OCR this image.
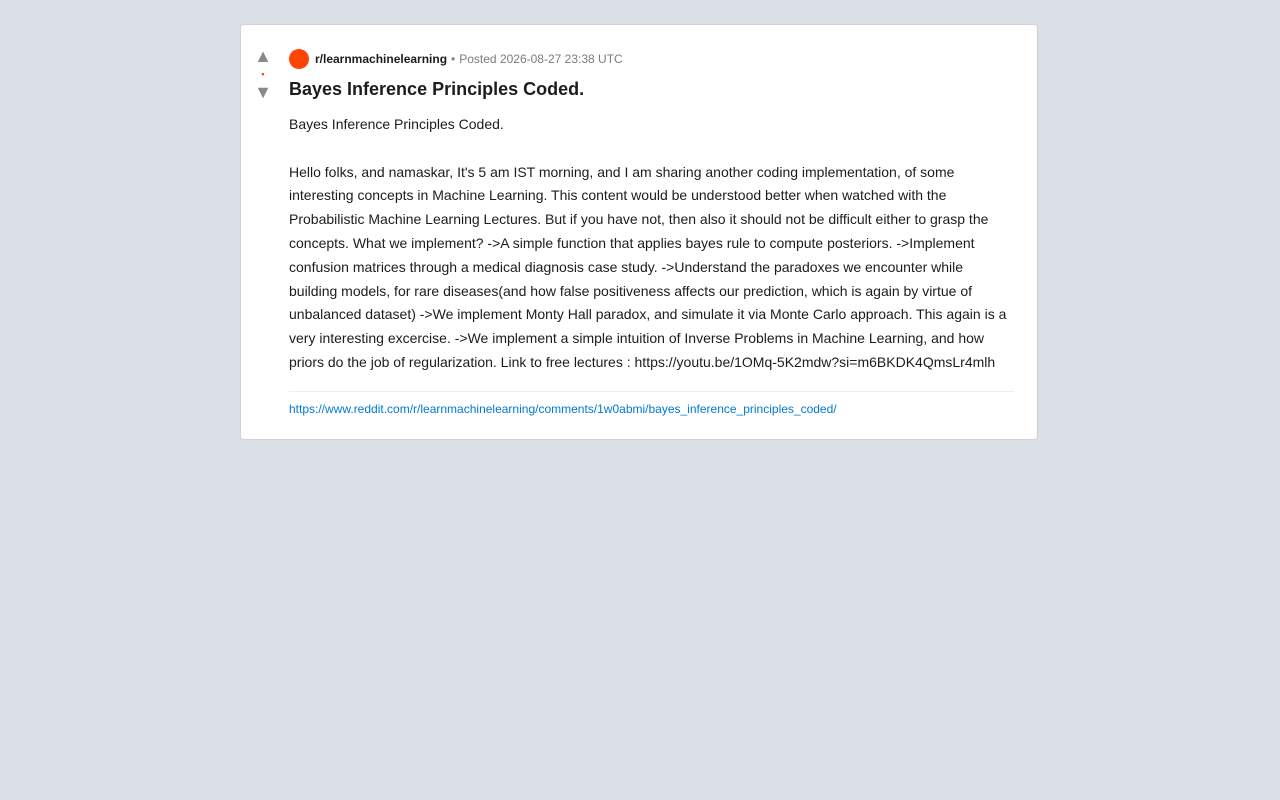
▲
•
▼
r/learnmachinelearning • Posted 2026-08-27 23:38 UTC
Bayes Inference Principles Coded.

Bayes Inference Principles Coded.

Hello folks, and namaskar, It's 5 am IST morning, and I am sharing another coding implementation, of some interesting concepts in Machine Learning. This content would be understood better when watched with the Probabilistic Machine Learning Lectures. But if you have not, then also it should not be difficult either to grasp the concepts. What we implement? ->A simple function that applies bayes rule to compute posteriors. ->Implement confusion matrices through a medical diagnosis case study. ->Understand the paradoxes we encounter while building models, for rare diseases(and how false positiveness affects our prediction, which is again by virtue of unbalanced dataset) ->We implement Monty Hall paradox, and simulate it via Monte Carlo approach. This again is a very interesting excercise. ->We implement a simple intuition of Inverse Problems in Machine Learning, and how priors do the job of regularization. Link to free lectures : https://youtu.be/1OMq-5K2mdw?si=m6BKDK4QmsLr4mlh

https://www.reddit.com/r/learnmachinelearning/comments/1w0abmi/bayes_inference_principles_coded/
